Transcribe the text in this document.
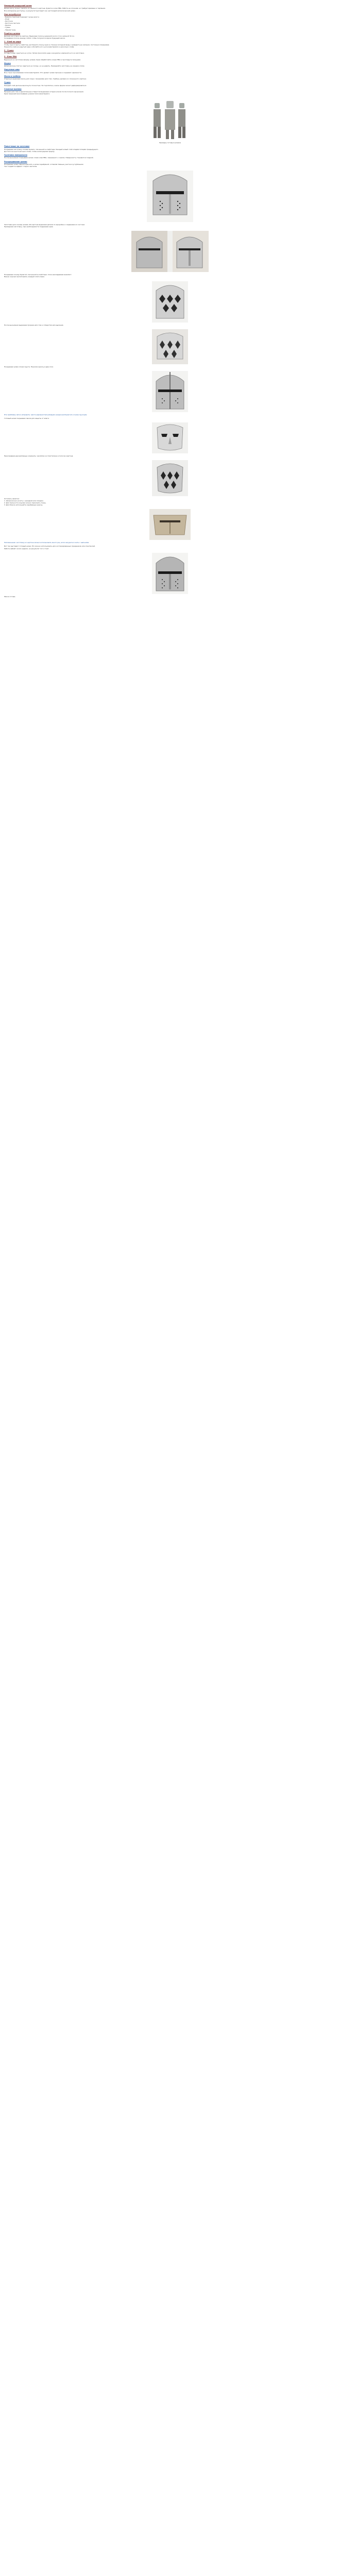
Немецкий рыцарский шлем

Шлем-маску можно сделать из обычного картона, бумаги и клея ПВА. Работа не сложная, но требует времени и терпения.

Все материалы доступны, а результат выглядит как настоящий металлический шлем.

Нам потребуется

- Бумага (газетная подходит лучше всего)

- Клей

- Кисточка

- Кисточка пастели

- Краски

- Гуашь

- Чёрная тушь

Решётка шлема

Делаем заготовку из картона. Вырезаем полосы шириной около 2 см и длиной 30 см.

Склеиваем полосы между собой, чтобы получился каркас будущей маски.

1 - Клей на шаре

Чтобы приготовить клейстер, растворите ложку муки в стакане холодной воды и доведите до кипения, постоянно помешивая.

Нанесите клей на надутый шар и обклейте его кусочками бумаги в несколько слоёв.

2 - Сушка

Оставьте шар сушиться на сутки. Затем проколите шар и аккуратно извлеките его из заготовки.

3 - Блок ПВА

Вырежьте из заготовки форму шлема. Края обработайте клеем ПВА и прогладьте пальцами.

Форма

Шлем должен плотно садиться на голову, но не давить. Примеряйте заготовку на каждом этапе.

Наружные швы

Все стыки проклеиваем полосками бумаги. Это делает шлем прочнее и скрывает неровности.

Маска и гребень

Отдельно вырезаем маску для лица с прорезями для глаз. Гребень делаем из сложенного картона.

Сушка

Каждый слой должен высохнуть полностью. Не торопитесь, иначе форма может деформироваться.

Сложные выемки

Прорези для глаз и дыхательные отверстия вырезаем острым ножом после полного высыхания.

Края прорезей проклеиваем узкими полосками бумаги.

Примеры готовых шлемов
Папье-маше на заготовке

Покрываем заготовку слоями бумаги, смоченной в клейстере. Каждый новый слой кладём поперёк предыдущего.

Достаточно шести-восьми слоёв, чтобы шлем держал форму.

Грунтовка поверхности

После высыхания покрываем шлем слоем клея ПВА, смешанного с мелом. Поверхность становится гладкой.

Раскрашивание шлема

Покрываем шлем чёрной краской, а затем серебряной, оставляя тёмные участки в углублениях.

Так создаётся эффект старого металла.

Заготовка для основы шлема. Из картона вырезаем детали по выкройке и соединяем их скотчем.

Примеряем заготовку, при необходимости подрезаем края.

Покрываем основу бумагой, смоченной в клейстере. Слои накладываем внахлёст.

Важно хорошо пропитывать каждый слой клеем.

После высыхания вырезаем прорези для глаз и отверстия для дыхания.

Покрываем шлем слоем грунта. Наносим краску в два слоя.

Эти проблемы легко исправить: места неровностей шлифуем наждачной бумагой и снова грунтуем.

Готовый шлем покрываем лаком для защиты от влаги.

Приклеиваем декоративные элементы: заклёпки из пластилина и полоски картона.

Остались заметки:

1. Шлем можно носить с накидкой или плащом.

2. Для прочности изнутри можно проклеить ткань.

3. Для блеска используйте серебряную краску.

Напоминание: заготовку из картона можно использовать много раз, если аккуратно снять с неё шлем.

Вот так выглядит готовый шлем. Его можно использовать для костюмированных праздников или спектаклей.

Работа займёт около недели, но результат того стоит.

Маска готова.
